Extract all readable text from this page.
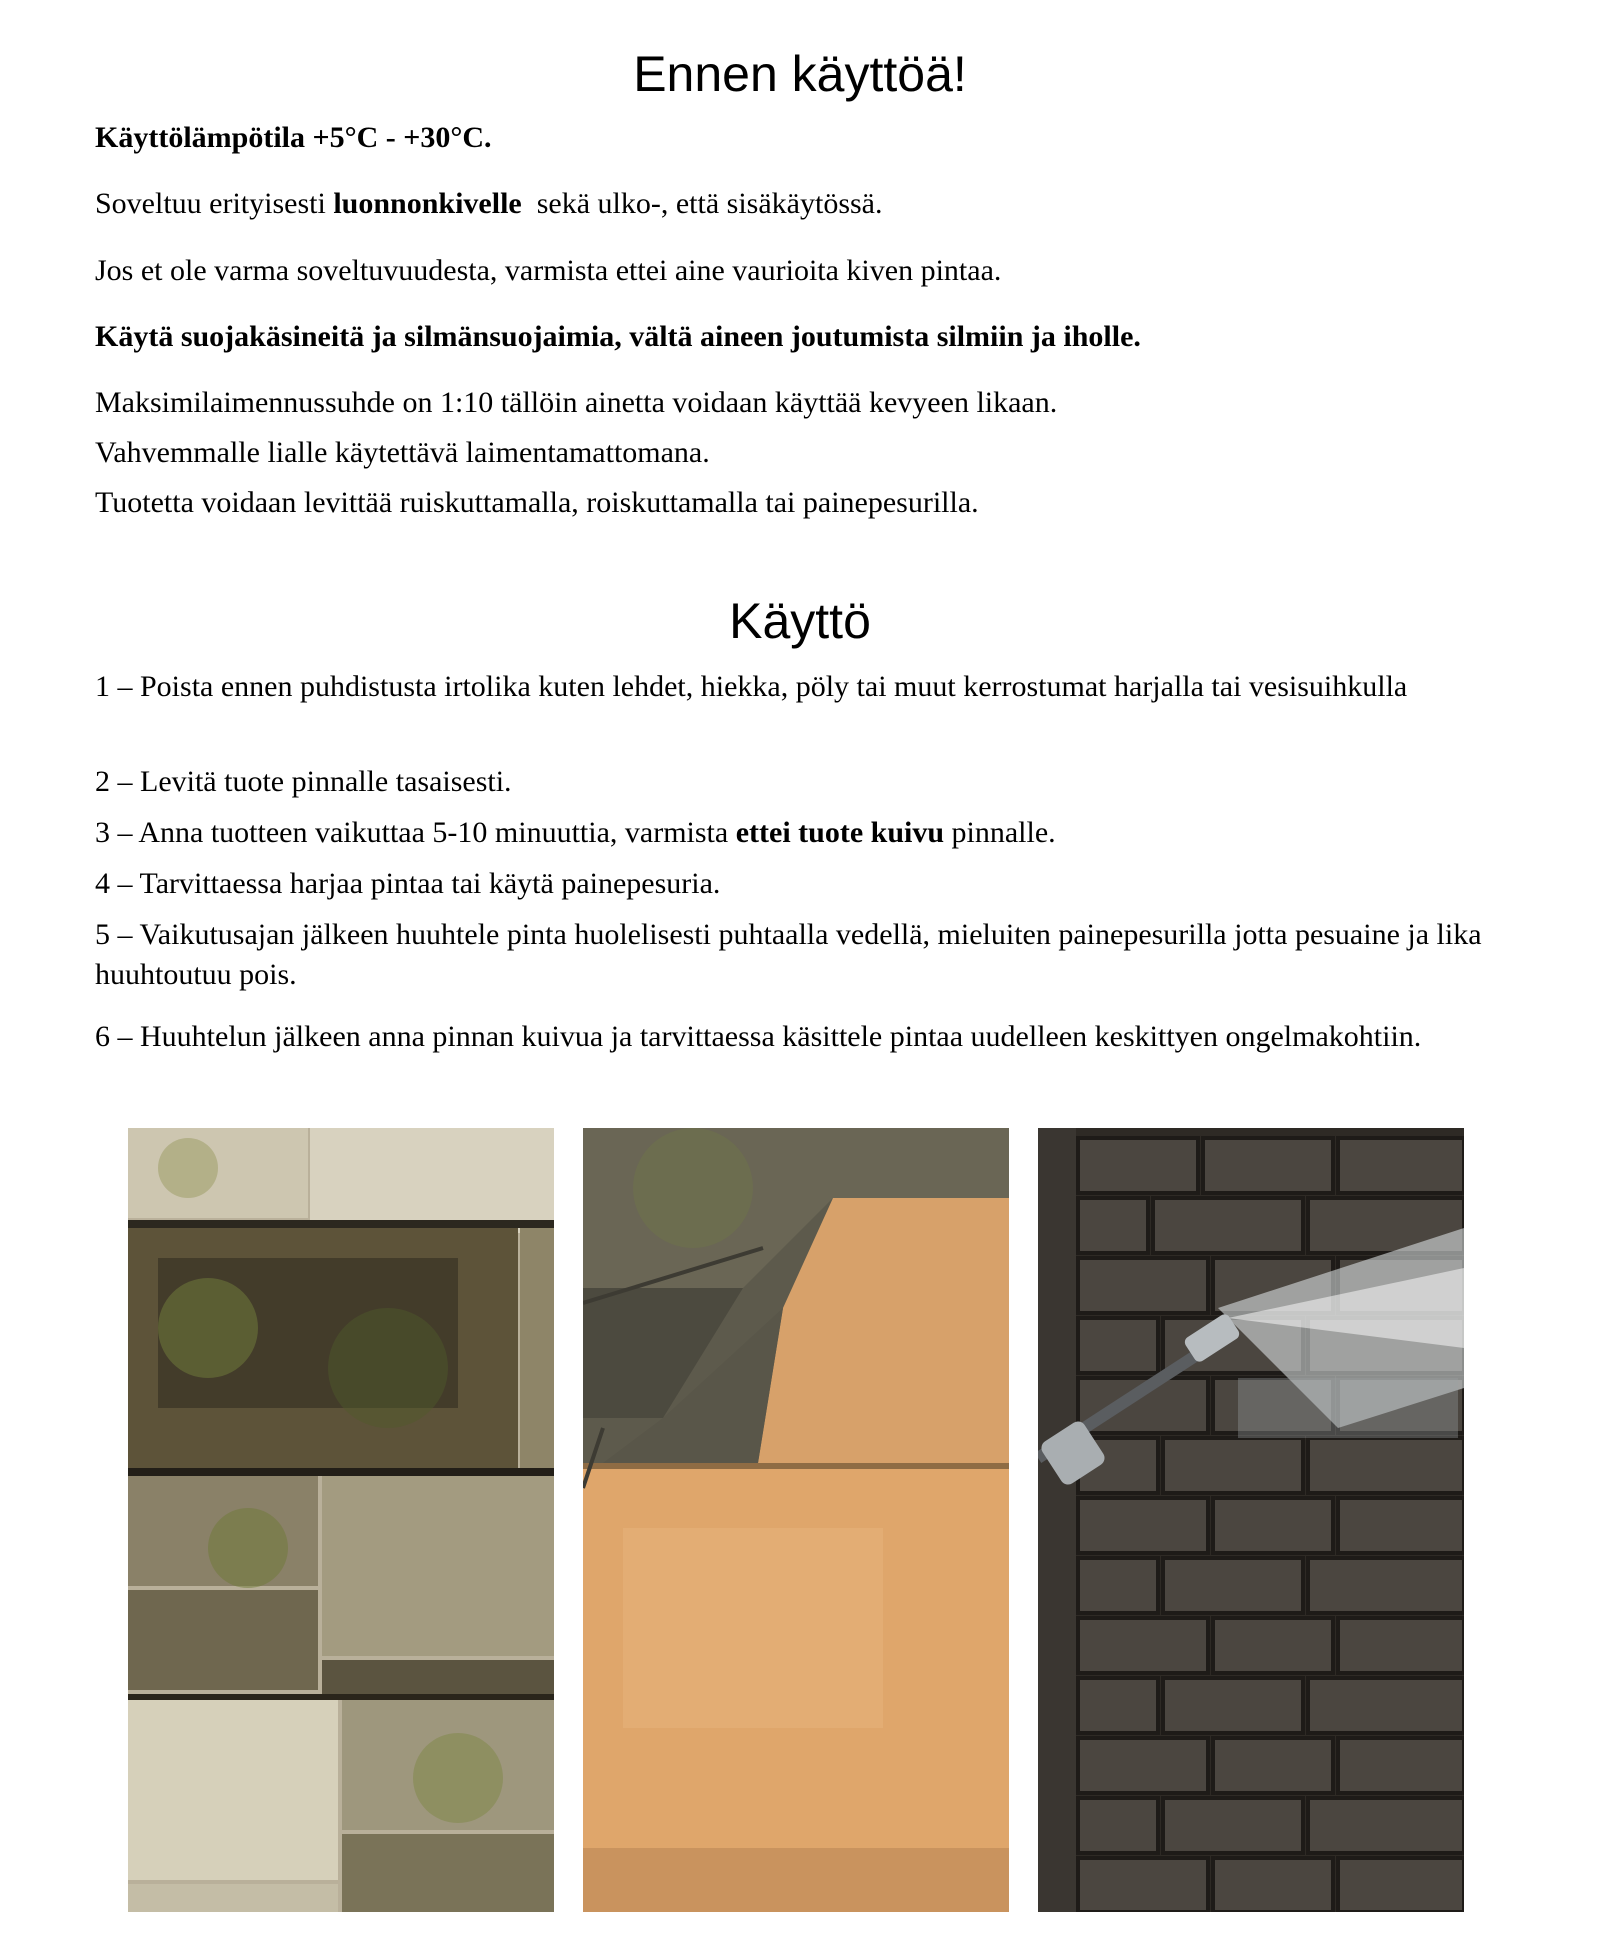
Ennen käyttöä!

Käyttölämpötila +5°C - +30°C.

Soveltuu erityisesti luonnonkivelle  sekä ulko-, että sisäkäytössä.

Jos et ole varma soveltuvuudesta, varmista ettei aine vaurioita kiven pintaa.

Käytä suojakäsineitä ja silmänsuojaimia, vältä aineen joutumista silmiin ja iholle.

Maksimilaimennussuhde on 1:10 tällöin ainetta voidaan käyttää kevyeen likaan.

Vahvemmalle lialle käytettävä laimentamattomana.

Tuotetta voidaan levittää ruiskuttamalla, roiskuttamalla tai painepesurilla.

Käyttö

1 – Poista ennen puhdistusta irtolika kuten lehdet, hiekka, pöly tai muut kerrostumat harjalla tai vesisuihkulla

2 – Levitä tuote pinnalle tasaisesti.

3 – Anna tuotteen vaikuttaa 5-10 minuuttia, varmista ettei tuote kuivu pinnalle.

4 – Tarvittaessa harjaa pintaa tai käytä painepesuria.

5 – Vaikutusajan jälkeen huuhtele pinta huolelisesti puhtaalla vedellä, mieluiten painepesurilla jotta pesuaine ja lika huuhtoutuu pois.

6 – Huuhtelun jälkeen anna pinnan kuivua ja tarvittaessa käsittele pintaa uudelleen keskittyen ongelmakohtiin.
